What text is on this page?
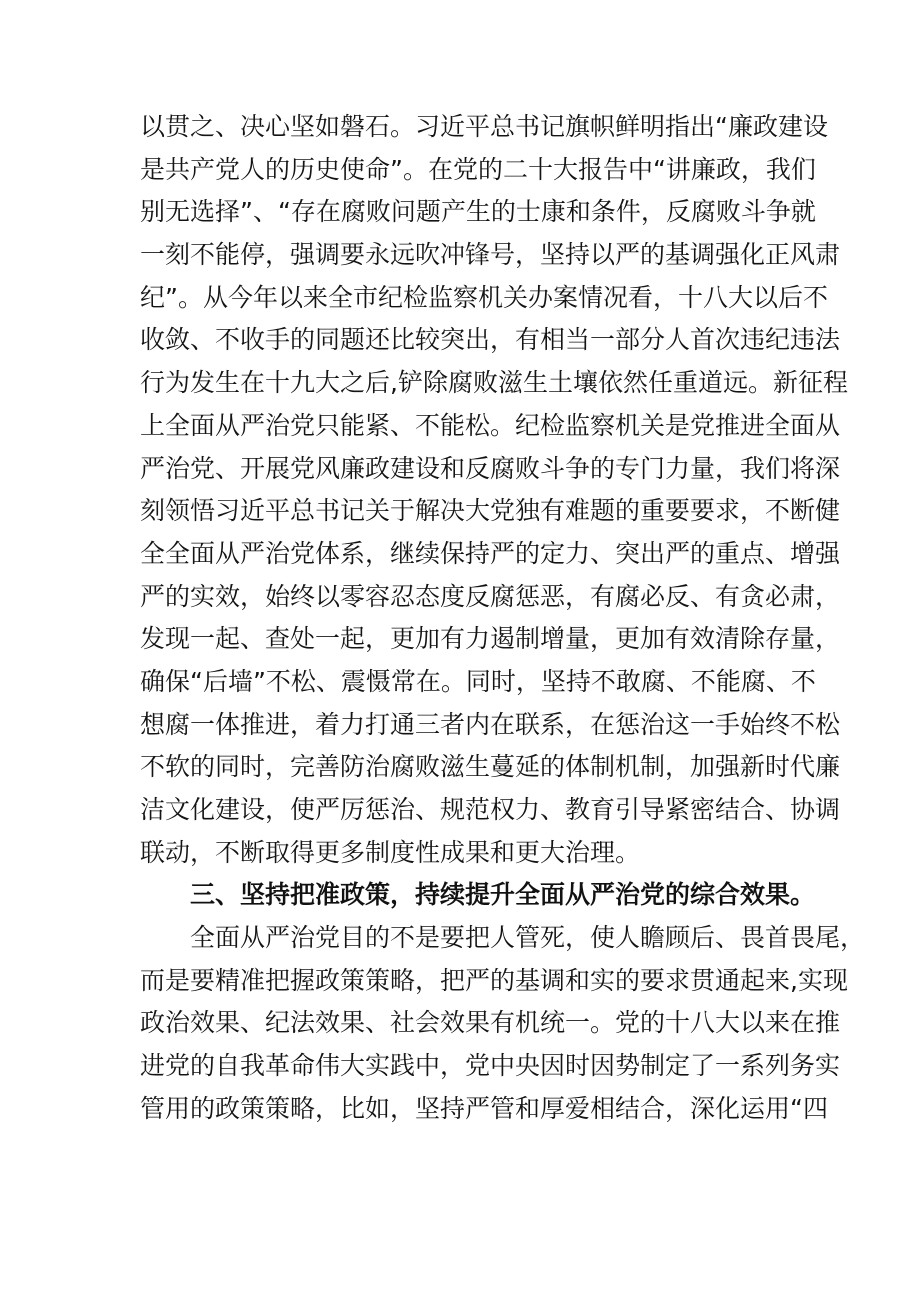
以贯之、决心坚如磐石。习近平总书记旗帜鲜明指出“廉政建设
是共产党人的历史使命”。在党的二十大报告中“讲廉政，我们
别无选择”、“存在腐败问题产生的士康和条件，反腐败斗争就
一刻不能停，强调要永远吹冲锋号，坚持以严的基调强化正风肃
纪”。从今年以来全市纪检监察机关办案情况看，十八大以后不
收敛、不收手的同题还比较突出，有相当一部分人首次违纪违法
行为发生在十九大之后,铲除腐败滋生土壤依然任重道远。新征程
上全面从严治党只能紧、不能松。纪检监察机关是党推进全面从
严治党、开展党风廉政建设和反腐败斗争的专门力量，我们将深
刻领悟习近平总书记关于解决大党独有难题的重要要求，不断健
全全面从严治党体系，继续保持严的定力、突出严的重点、增强
严的实效，始终以零容忍态度反腐惩恶，有腐必反、有贪必肃，
发现一起、查处一起，更加有力遏制增量，更加有效清除存量，
确保“后墙”不松、震慑常在。同时，坚持不敢腐、不能腐、不
想腐一体推进，着力打通三者内在联系，在惩治这一手始终不松
不软的同时，完善防治腐败滋生蔓延的体制机制，加强新时代廉
洁文化建设，使严厉惩治、规范权力、教育引导紧密结合、协调
联动，不断取得更多制度性成果和更大治理。
三、坚持把准政策，持续提升全面从严治党的综合效果。
全面从严治党目的不是要把人管死，使人瞻顾后、畏首畏尾，
而是要精准把握政策策略，把严的基调和实的要求贯通起来,实现
政治效果、纪法效果、社会效果有机统一。党的十八大以来在推
进党的自我革命伟大实践中，党中央因时因势制定了一系列务实
管用的政策策略，比如，坚持严管和厚爱相结合，深化运用“四
